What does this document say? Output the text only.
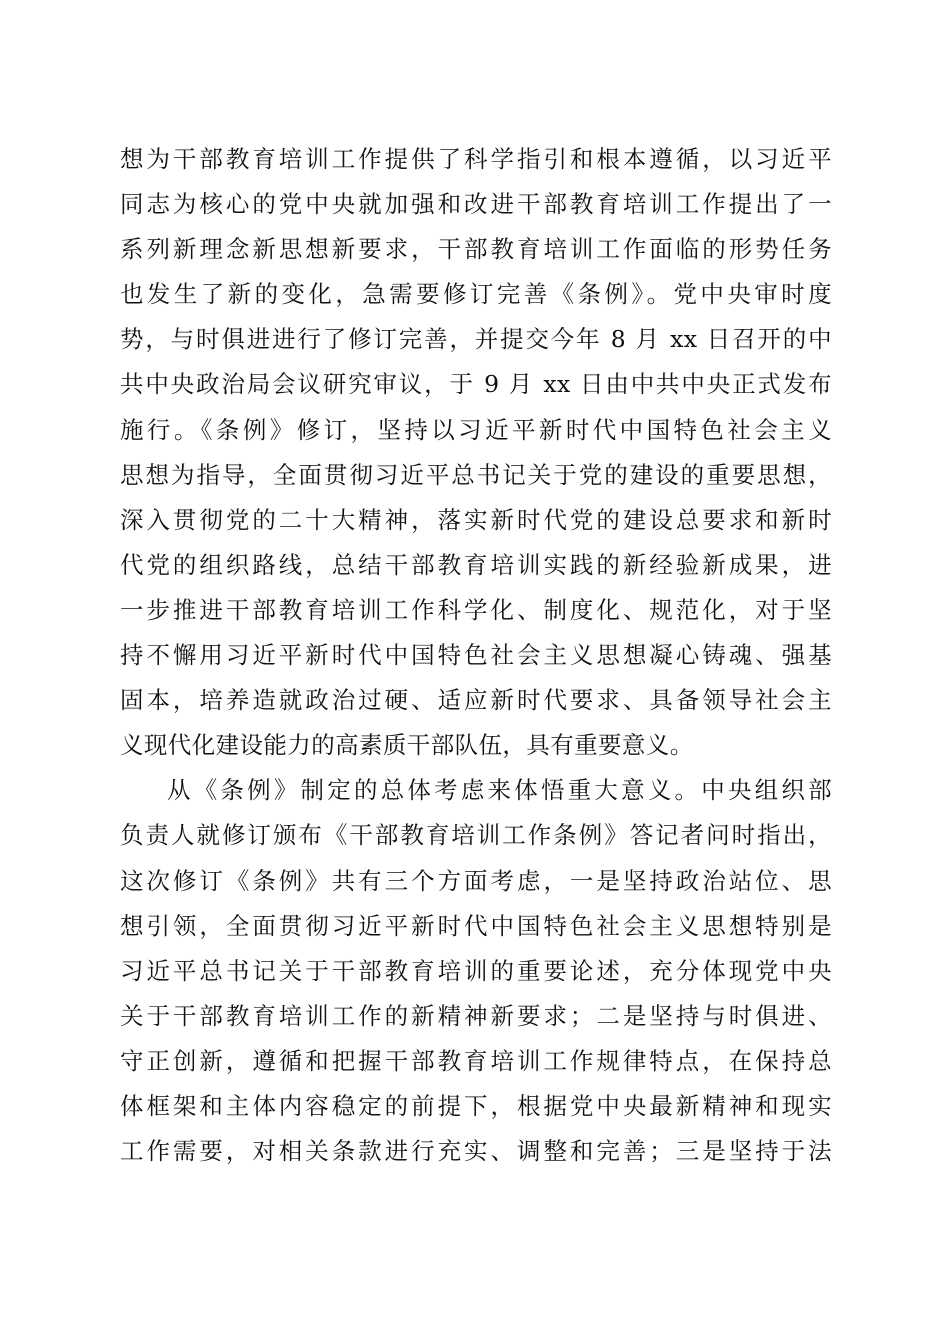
想为干部教育培训工作提供了科学指引和根本遵循，以习近平
同志为核心的党中央就加强和改进干部教育培训工作提出了一
系列新理念新思想新要求，干部教育培训工作面临的形势任务
也发生了新的变化，急需要修订完善《条例》。党中央审时度
势，与时俱进进行了修订完善，并提交今年 8 月 xx 日召开的中
共中央政治局会议研究审议，于 9 月 xx 日由中共中央正式发布
施行。《条例》修订，坚持以习近平新时代中国特色社会主义
思想为指导，全面贯彻习近平总书记关于党的建设的重要思想，
深入贯彻党的二十大精神，落实新时代党的建设总要求和新时
代党的组织路线，总结干部教育培训实践的新经验新成果，进
一步推进干部教育培训工作科学化、制度化、规范化，对于坚
持不懈用习近平新时代中国特色社会主义思想凝心铸魂、强基
固本，培养造就政治过硬、适应新时代要求、具备领导社会主
义现代化建设能力的高素质干部队伍，具有重要意义。
从《条例》制定的总体考虑来体悟重大意义。中央组织部
负责人就修订颁布《干部教育培训工作条例》答记者问时指出，
这次修订《条例》共有三个方面考虑，一是坚持政治站位、思
想引领，全面贯彻习近平新时代中国特色社会主义思想特别是
习近平总书记关于干部教育培训的重要论述，充分体现党中央
关于干部教育培训工作的新精神新要求；二是坚持与时俱进、
守正创新，遵循和把握干部教育培训工作规律特点，在保持总
体框架和主体内容稳定的前提下，根据党中央最新精神和现实
工作需要，对相关条款进行充实、调整和完善；三是坚持于法
